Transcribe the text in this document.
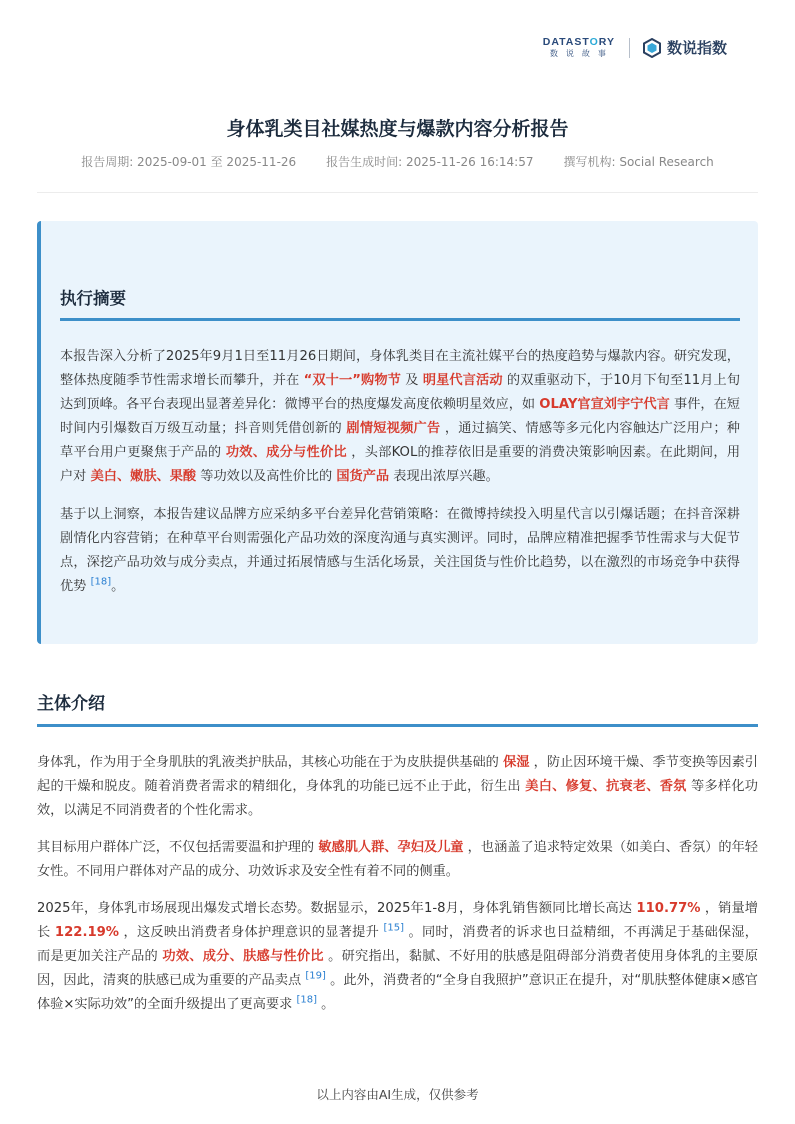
DATASTORY
数说故事	数说指数
身体乳类目社媒热度与爆款内容分析报告
报告周期: 2025-09-01 至 2025-11-26	报告生成时间: 2025-11-26 16:14:57	撰写机构: Social Research
执行摘要

本报告深入分析了2025年9月1日至11月26日期间，身体乳类目在主流社媒平台的热度趋势与爆款内容。研究发现，整体热度随季节性需求增长而攀升，并在 “双十一”购物节 及 明星代言活动 的双重驱动下，于10月下旬至11月上旬达到顶峰。各平台表现出显著差异化：微博平台的热度爆发高度依赖明星效应，如 OLAY官宣刘宇宁代言 事件，在短时间内引爆数百万级互动量；抖音则凭借创新的 剧情短视频广告 ，通过搞笑、情感等多元化内容触达广泛用户；种草平台用户更聚焦于产品的 功效、成分与性价比 ，头部KOL的推荐依旧是重要的消费决策影响因素。在此期间，用户对 美白、嫩肤、果酸 等功效以及高性价比的 国货产品 表现出浓厚兴趣。

基于以上洞察，本报告建议品牌方应采纳多平台差异化营销策略：在微博持续投入明星代言以引爆话题；在抖音深耕剧情化内容营销；在种草平台则需强化产品功效的深度沟通与真实测评。同时，品牌应精准把握季节性需求与大促节点，深挖产品功效与成分卖点，并通过拓展情感与生活化场景，关注国货与性价比趋势，以在激烈的市场竞争中获得优势 [18]。

主体介绍

身体乳，作为用于全身肌肤的乳液类护肤品，其核心功能在于为皮肤提供基础的 保湿 ，防止因环境干燥、季节变换等因素引起的干燥和脱皮。随着消费者需求的精细化，身体乳的功能已远不止于此，衍生出 美白、修复、抗衰老、香氛 等多样化功效，以满足不同消费者的个性化需求。

其目标用户群体广泛，不仅包括需要温和护理的 敏感肌人群、孕妇及儿童 ，也涵盖了追求特定效果（如美白、香氛）的年轻女性。不同用户群体对产品的成分、功效诉求及安全性有着不同的侧重。

2025年，身体乳市场展现出爆发式增长态势。数据显示，2025年1-8月，身体乳销售额同比增长高达 110.77% ，销量增长 122.19% ，这反映出消费者身体护理意识的显著提升 [15] 。同时，消费者的诉求也日益精细，不再满足于基础保湿，而是更加关注产品的 功效、成分、肤感与性价比 。研究指出，黏腻、不好用的肤感是阻碍部分消费者使用身体乳的主要原因，因此，清爽的肤感已成为重要的产品卖点 [19] 。此外，消费者的“全身自我照护”意识正在提升，对“肌肤整体健康×感官体验×实际功效”的全面升级提出了更高要求 [18] 。

以上内容由AI生成，仅供参考
